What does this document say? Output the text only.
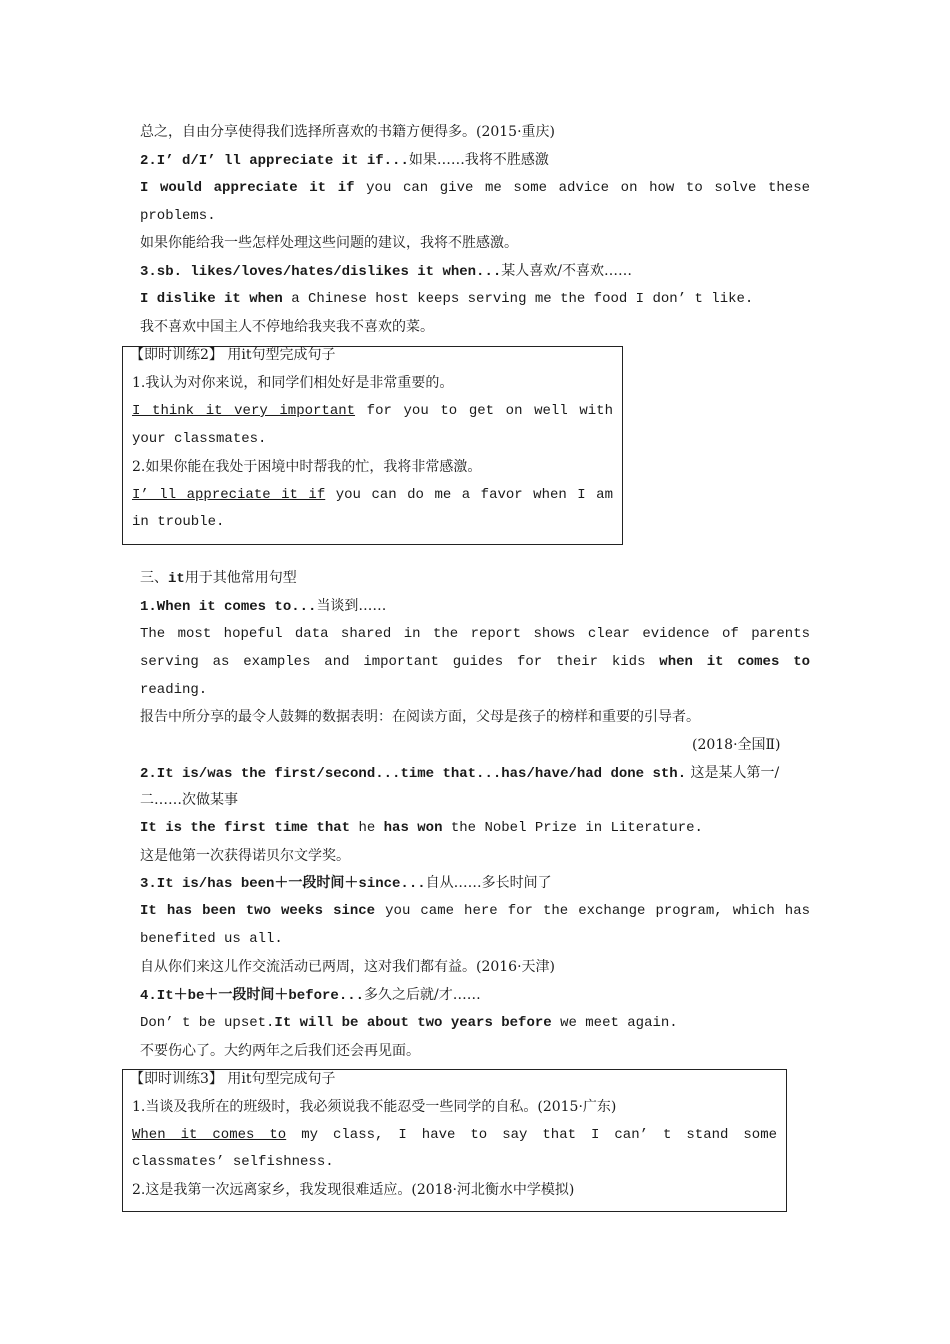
总之，自由分享使得我们选择所喜欢的书籍方便得多。(2015·重庆)
2.I’ d/I’ ll appreciate it if...如果……我将不胜感激
I would appreciate it if you can give me some advice on how to solve these
problems.
如果你能给我一些怎样处理这些问题的建议，我将不胜感激。
3.sb. likes/loves/hates/dislikes it when...某人喜欢/不喜欢……
I dislike it when a Chinese host keeps serving me the food I don’ t like.
我不喜欢中国主人不停地给我夹我不喜欢的菜。
【即时训练2】 用it句型完成句子
1.我认为对你来说，和同学们相处好是非常重要的。
I think it very important for you to get on well with
your classmates.
2.如果你能在我处于困境中时帮我的忙，我将非常感激。
I’ ll appreciate it if you can do me a favor when I am
in trouble.
三、it用于其他常用句型
1.When it comes to...当谈到……
The most hopeful data shared in the report shows clear evidence of parents
serving as examples and important guides for their kids when it comes to
reading.
报告中所分享的最令人鼓舞的数据表明：在阅读方面，父母是孩子的榜样和重要的引导者。
(2018·全国Ⅱ)
2.It is/was the first/second...time that...has/have/had done sth. 这是某人第一/
二……次做某事
It is the first time that he has won the Nobel Prize in Literature.
这是他第一次获得诺贝尔文学奖。
3.It is/has been＋一段时间＋since...自从……多长时间了
It has been two weeks since you came here for the exchange program, which has
benefited us all.
自从你们来这儿作交流活动已两周，这对我们都有益。(2016·天津)
4.It＋be＋一段时间＋before...多久之后就/才……
Don’ t be upset.It will be about two years before we meet again.
不要伤心了。大约两年之后我们还会再见面。
【即时训练3】 用it句型完成句子
1.当谈及我所在的班级时，我必须说我不能忍受一些同学的自私。(2015·广东)
When it comes to my class, I have to say that I can’ t stand some
classmates’ selfishness.
2.这是我第一次远离家乡，我发现很难适应。(2018·河北衡水中学模拟)
